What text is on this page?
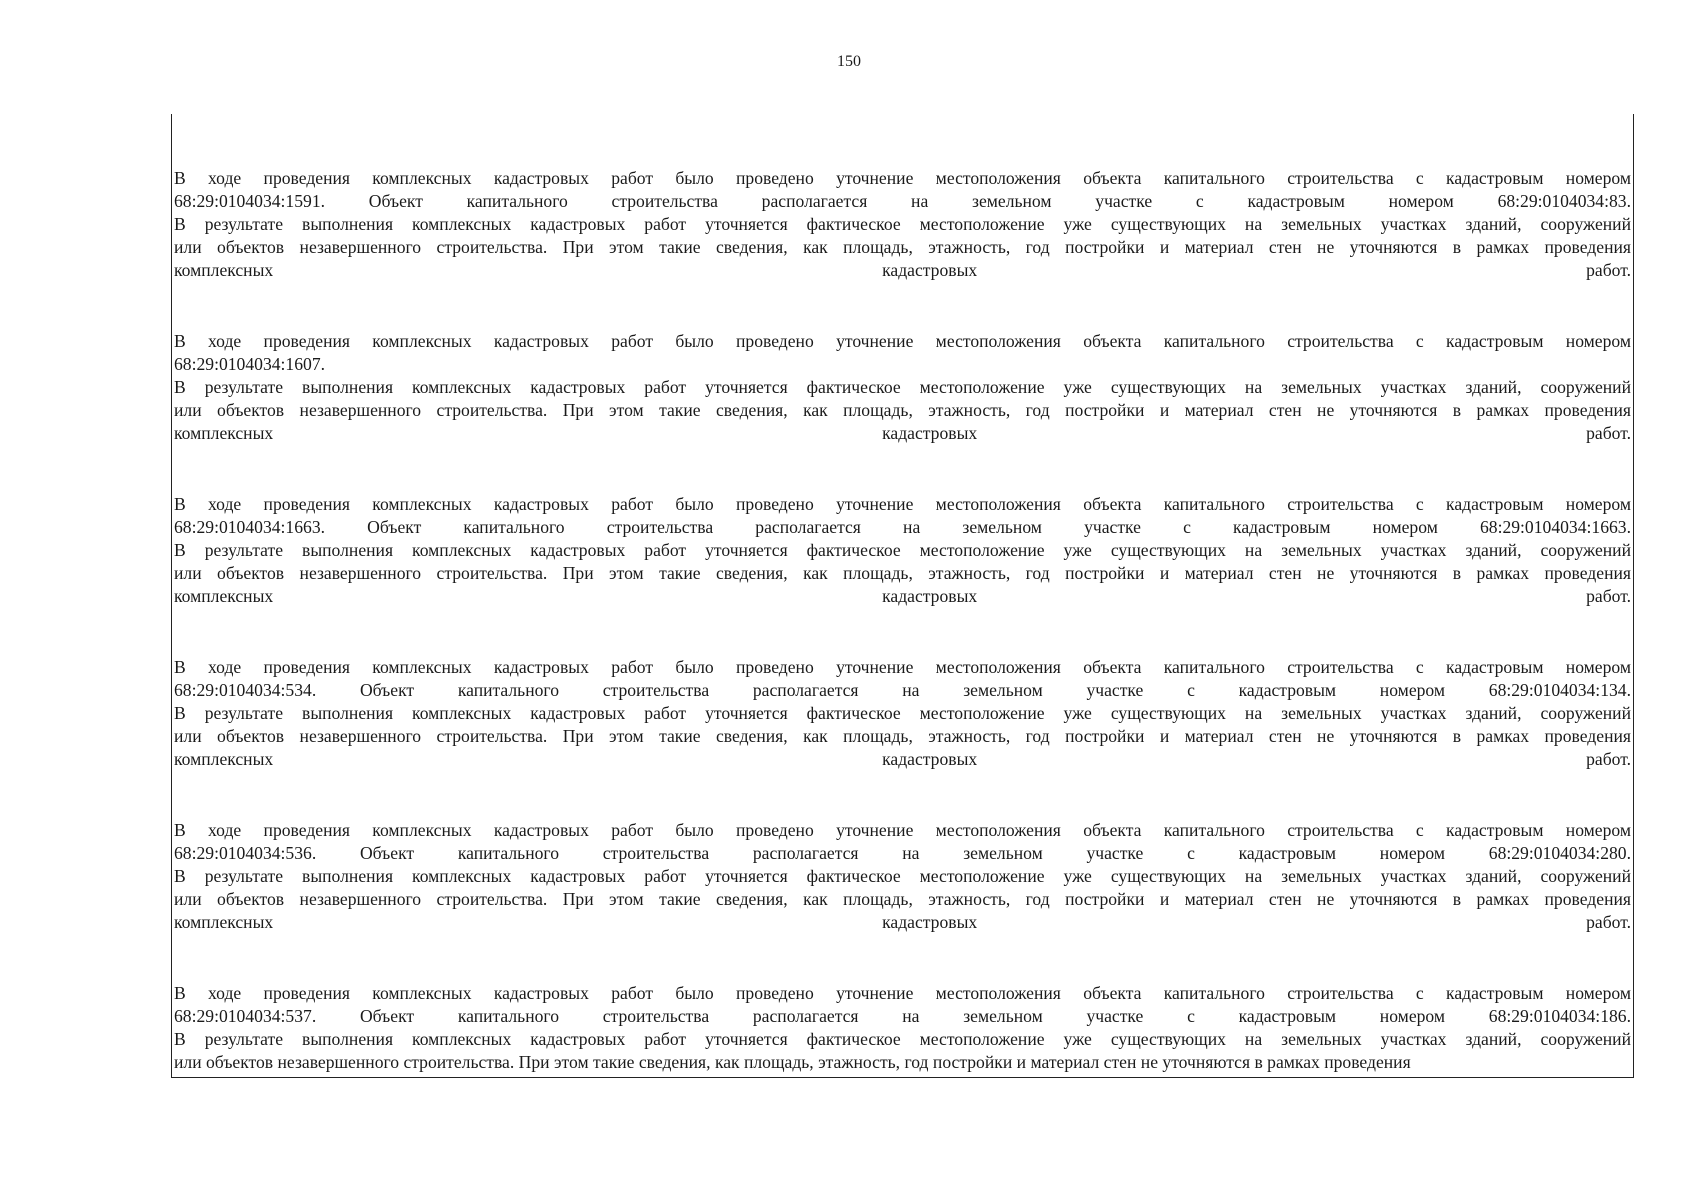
150
В ходе проведения комплексных кадастровых работ было проведено уточнение местоположения объекта капитального строительства с кадастровым номером
68:29:0104034:1591. Объект капитального строительства располагается на земельном участке с кадастровым номером 68:29:0104034:83.
В результате выполнения комплексных кадастровых работ уточняется фактическое местоположение уже существующих на земельных участках зданий, сооружений
или объектов незавершенного строительства. При этом такие сведения, как площадь, этажность, год постройки и материал стен не уточняются в рамках проведения
комплексных кадастровых работ.
В ходе проведения комплексных кадастровых работ было проведено уточнение местоположения объекта капитального строительства с кадастровым номером
68:29:0104034:1607.
В результате выполнения комплексных кадастровых работ уточняется фактическое местоположение уже существующих на земельных участках зданий, сооружений
или объектов незавершенного строительства. При этом такие сведения, как площадь, этажность, год постройки и материал стен не уточняются в рамках проведения
комплексных кадастровых работ.
В ходе проведения комплексных кадастровых работ было проведено уточнение местоположения объекта капитального строительства с кадастровым номером
68:29:0104034:1663. Объект капитального строительства располагается на земельном участке с кадастровым номером 68:29:0104034:1663.
В результате выполнения комплексных кадастровых работ уточняется фактическое местоположение уже существующих на земельных участках зданий, сооружений
или объектов незавершенного строительства. При этом такие сведения, как площадь, этажность, год постройки и материал стен не уточняются в рамках проведения
комплексных кадастровых работ.
В ходе проведения комплексных кадастровых работ было проведено уточнение местоположения объекта капитального строительства с кадастровым номером
68:29:0104034:534. Объект капитального строительства располагается на земельном участке с кадастровым номером 68:29:0104034:134.
В результате выполнения комплексных кадастровых работ уточняется фактическое местоположение уже существующих на земельных участках зданий, сооружений
или объектов незавершенного строительства. При этом такие сведения, как площадь, этажность, год постройки и материал стен не уточняются в рамках проведения
комплексных кадастровых работ.
В ходе проведения комплексных кадастровых работ было проведено уточнение местоположения объекта капитального строительства с кадастровым номером
68:29:0104034:536. Объект капитального строительства располагается на земельном участке с кадастровым номером 68:29:0104034:280.
В результате выполнения комплексных кадастровых работ уточняется фактическое местоположение уже существующих на земельных участках зданий, сооружений
или объектов незавершенного строительства. При этом такие сведения, как площадь, этажность, год постройки и материал стен не уточняются в рамках проведения
комплексных кадастровых работ.
В ходе проведения комплексных кадастровых работ было проведено уточнение местоположения объекта капитального строительства с кадастровым номером
68:29:0104034:537. Объект капитального строительства располагается на земельном участке с кадастровым номером 68:29:0104034:186.
В результате выполнения комплексных кадастровых работ уточняется фактическое местоположение уже существующих на земельных участках зданий, сооружений
или объектов незавершенного строительства. При этом такие сведения, как площадь, этажность, год постройки и материал стен не уточняются в рамках проведения
